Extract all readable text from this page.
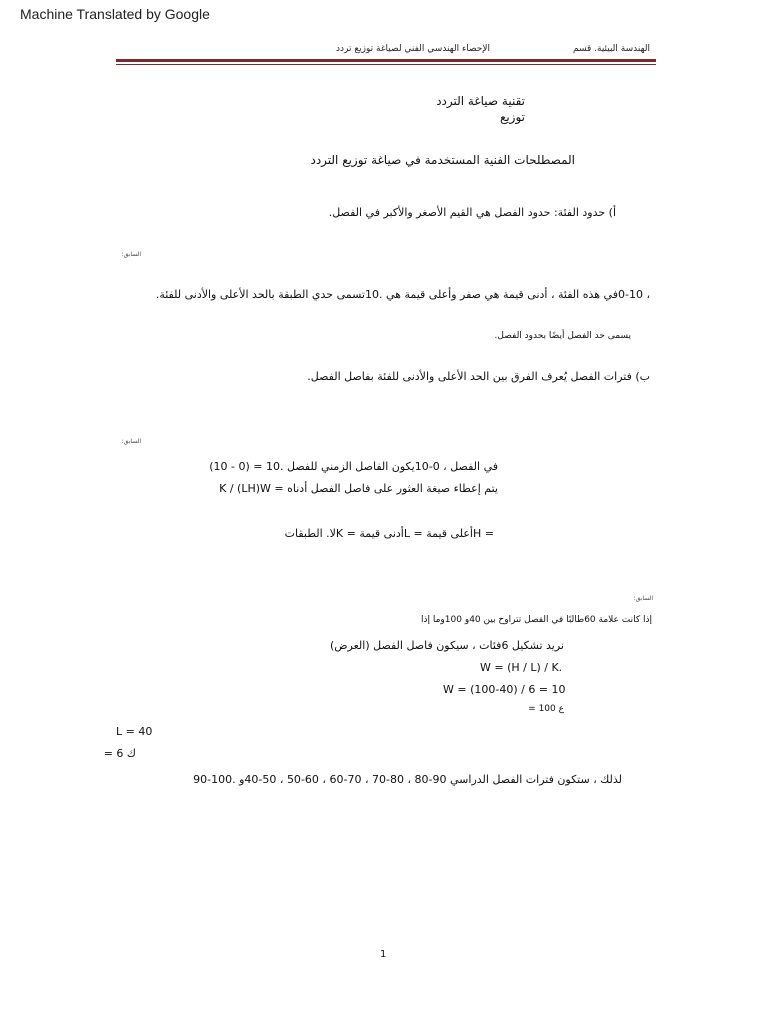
Machine Translated by Google
الهندسة البيئية. قسم
الإحصاء الهندسي الفني لصياغة توزيع تردد
تقنية صياغة التردد
توزيع
المصطلحات الفنية المستخدمة في صياغة توزيع التردد
أ) حدود الفئة: حدود الفصل هي القيم الأصغر والأكبر في الفصل.
السابق:
، 0-10في هذه الفئة ، أدنى قيمة هي صفر وأعلى قيمة هي .10تسمى حدي الطبقة بالحد الأعلى والأدنى للفئة.
يسمى حد الفصل أيضًا بحدود الفصل.
ب) فترات الفصل يُعرف الفرق بين الحد الأعلى والأدنى للفئة بفاصل الفصل.
السابق:
في الفصل ، 0-10يكون الفاصل الزمني للفصل .10 = (0 - 10)
يتم إعطاء صيغة العثور على فاصل الفصل أدناه = K / (LH)W
= Hأعلى قيمة = Lأدنى قيمة = Kلا. الطبقات
السابق:
إذا كانت علامة 60طالبًا في الفصل تتراوح بين 40و 100وما إذا
نريد تشكيل 6فئات ، سيكون فاصل الفصل (العرض)
W = (H / L) / K.
W = (100-40) / 6 = 10
ع 100 =
L = 40
ك 6 =
لذلك ، ستكون فترات الفصل الدراسي 90-80 ، 80-70 ، 70-60 ، 60-50 ، 50-40و .100-90
1
